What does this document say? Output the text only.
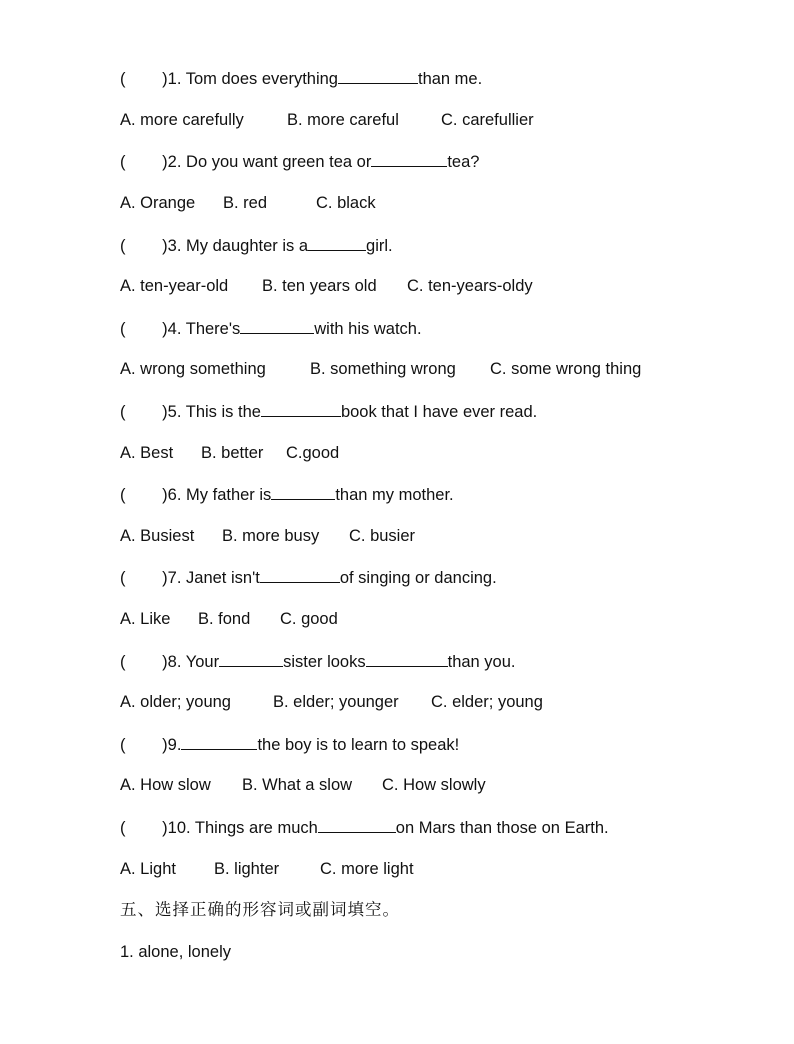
(        )1. Tom does everything	than me.

A. more carefully

	B. more careful

	C. carefullier

(        )2. Do you want green tea or	tea?

A. Orange

B. red

	C. black

(        )3. My daughter is a	girl.

A. ten-year-old

B. ten years old

C. ten-years-oldy

(        )4. There's	with his watch.

A. wrong something

	B. something wrong

C. some wrong thing

(        )5. This is the	book that I have ever read.

A. Best

B. better

C.good

(        )6. My father is	than my mother.

A. Busiest

B. more busy

C. busier

(        )7. Janet isn't	of singing or dancing.

A. Like

B. fond

C. good

(        )8. Your	sister looks	than you.

A. older; young

	B. elder; younger

C. elder; young

(        )9.	the boy is to learn to speak!

A. How slow

B. What a slow

C. How slowly

(        )10. Things are much	on Mars than those on Earth.

A. Light

B. lighter

C. more light

五、选择正确的形容词或副词填空。
1. alone, lonely
